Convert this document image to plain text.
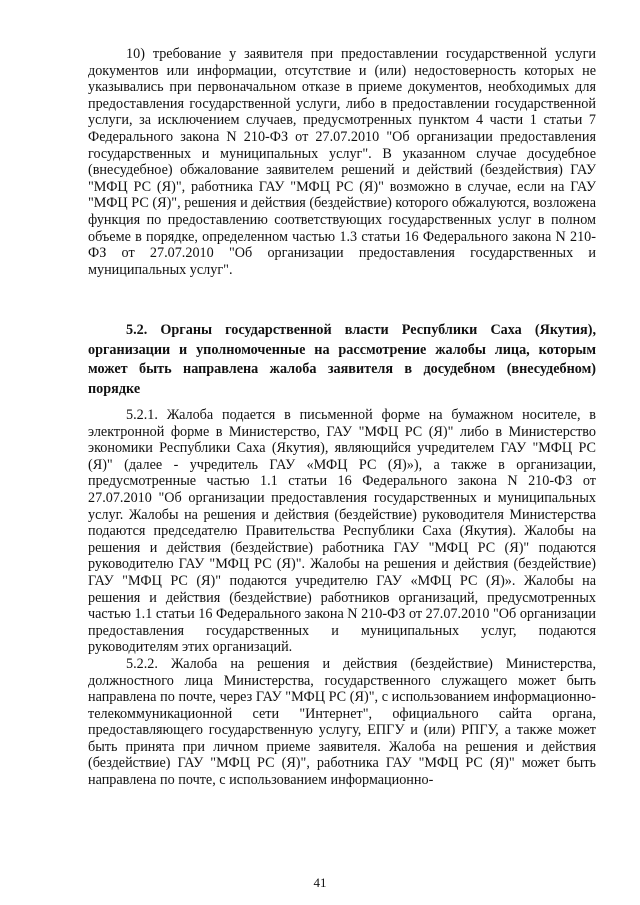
10) требование у заявителя при предоставлении государственной услуги документов или информации, отсутствие и (или) недостоверность которых не указывались при первоначальном отказе в приеме документов, необходимых для предоставления государственной услуги, либо в предоставлении государственной услуги, за исключением случаев, предусмотренных пунктом 4 части 1 статьи 7 Федерального закона N 210-ФЗ от 27.07.2010 "Об организации предоставления государственных и муниципальных услуг". В указанном случае досудебное (внесудебное) обжалование заявителем решений и действий (бездействия) ГАУ "МФЦ РС (Я)", работника ГАУ "МФЦ РС (Я)" возможно в случае, если на ГАУ "МФЦ РС (Я)", решения и действия (бездействие) которого обжалуются, возложена функция по предоставлению соответствующих государственных услуг в полном объеме в порядке, определенном частью 1.3 статьи 16 Федерального закона N 210-ФЗ от 27.07.2010 "Об организации предоставления государственных и муниципальных услуг".

5.2. Органы государственной власти Республики Саха (Якутия), организации и уполномоченные на рассмотрение жалобы лица, которым может быть направлена жалоба заявителя в досудебном (внесудебном) порядке

5.2.1. Жалоба подается в письменной форме на бумажном носителе, в электронной форме в Министерство, ГАУ "МФЦ РС (Я)" либо в Министерство экономики Республики Саха (Якутия), являющийся учредителем ГАУ "МФЦ РС (Я)" (далее - учредитель ГАУ «МФЦ РС (Я)»), а также в организации, предусмотренные частью 1.1 статьи 16 Федерального закона N 210-ФЗ от 27.07.2010 "Об организации предоставления государственных и муниципальных услуг. Жалобы на решения и действия (бездействие) руководителя Министерства подаются председателю Правительства Республики Саха (Якутия). Жалобы на решения и действия (бездействие) работника ГАУ "МФЦ РС (Я)" подаются руководителю ГАУ "МФЦ РС (Я)". Жалобы на решения и действия (бездействие) ГАУ "МФЦ РС (Я)" подаются учредителю ГАУ «МФЦ РС (Я)». Жалобы на решения и действия (бездействие) работников организаций, предусмотренных частью 1.1 статьи 16 Федерального закона N 210-ФЗ от 27.07.2010 "Об организации предоставления государственных и муниципальных услуг, подаются руководителям этих организаций.

5.2.2. Жалоба на решения и действия (бездействие) Министерства, должностного лица Министерства, государственного служащего может быть направлена по почте, через ГАУ "МФЦ РС (Я)", с использованием информационно-телекоммуникационной сети "Интернет", официального сайта органа, предоставляющего государственную услугу, ЕПГУ и (или) РПГУ, а также может быть принята при личном приеме заявителя. Жалоба на решения и действия (бездействие) ГАУ "МФЦ РС (Я)", работника ГАУ "МФЦ РС (Я)" может быть направлена по почте, с использованием информационно-

41
